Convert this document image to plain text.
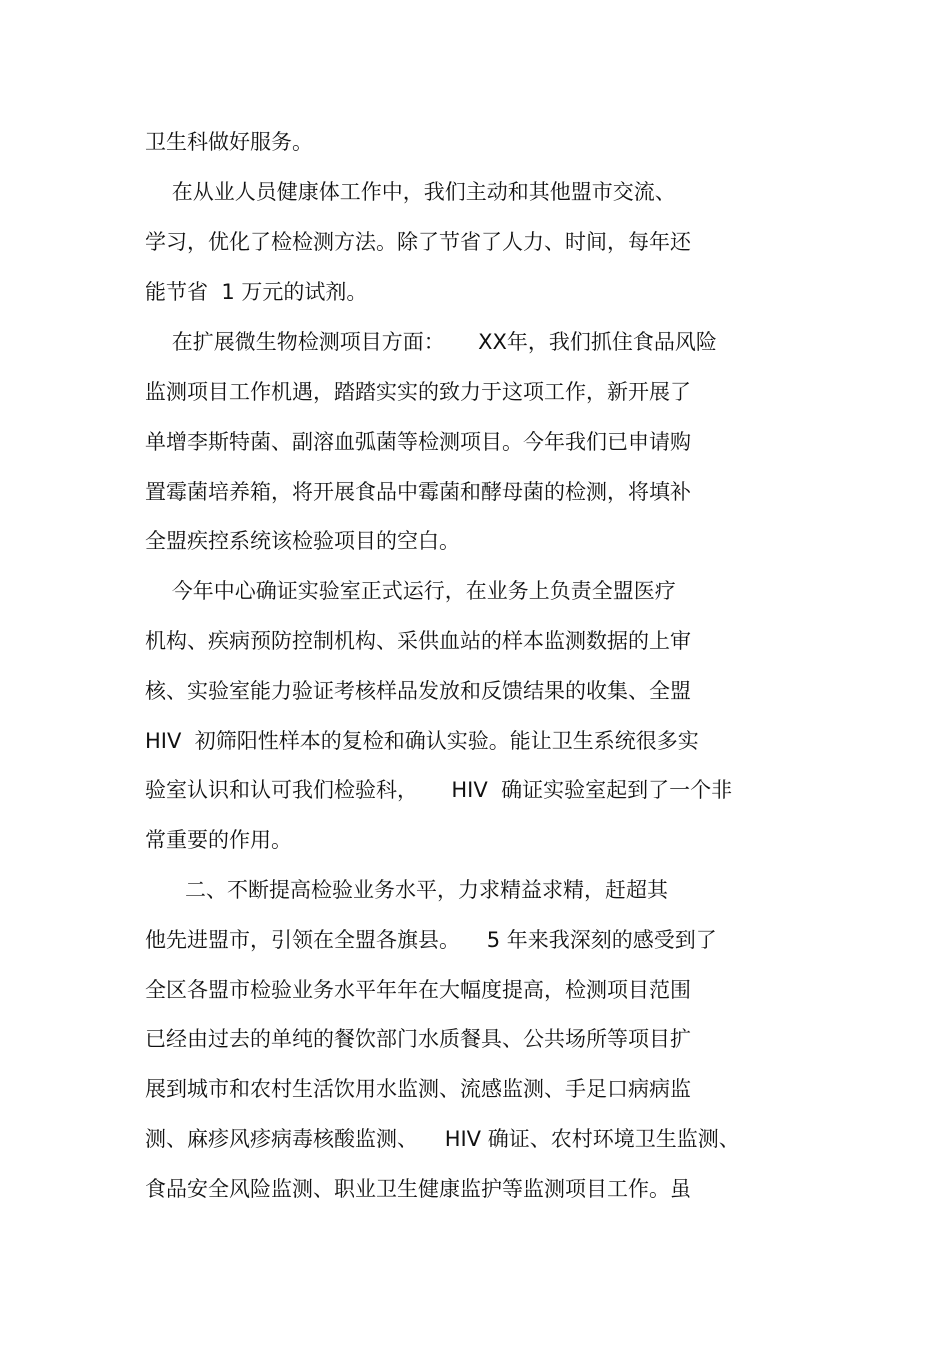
卫生科做好服务。
在从业人员健康体工作中，我们主动和其他盟市交流、
学习，优化了检检测方法。除了节省了人力、时间，每年还
能节省  1 万元的试剂。
在扩展微生物检测项目方面：     XX年，我们抓住食品风险
监测项目工作机遇，踏踏实实的致力于这项工作，新开展了
单增李斯特菌、副溶血弧菌等检测项目。今年我们已申请购
置霉菌培养箱，将开展食品中霉菌和酵母菌的检测，将填补
全盟疾控系统该检验项目的空白。
今年中心确证实验室正式运行，在业务上负责全盟医疗
机构、疾病预防控制机构、采供血站的样本监测数据的上审
核、实验室能力验证考核样品发放和反馈结果的收集、全盟
HIV  初筛阳性样本的复检和确认实验。能让卫生系统很多实
验室认识和认可我们检验科，     HIV  确证实验室起到了一个非
常重要的作用。
二、不断提高检验业务水平，力求精益求精，赶超其
他先进盟市，引领在全盟各旗县。    5 年来我深刻的感受到了
全区各盟市检验业务水平年年在大幅度提高，检测项目范围
已经由过去的单纯的餐饮部门水质餐具、公共场所等项目扩
展到城市和农村生活饮用水监测、流感监测、手足口病病监
测、麻疹风疹病毒核酸监测、    HIV 确证、农村环境卫生监测、
食品安全风险监测、职业卫生健康监护等监测项目工作。虽
